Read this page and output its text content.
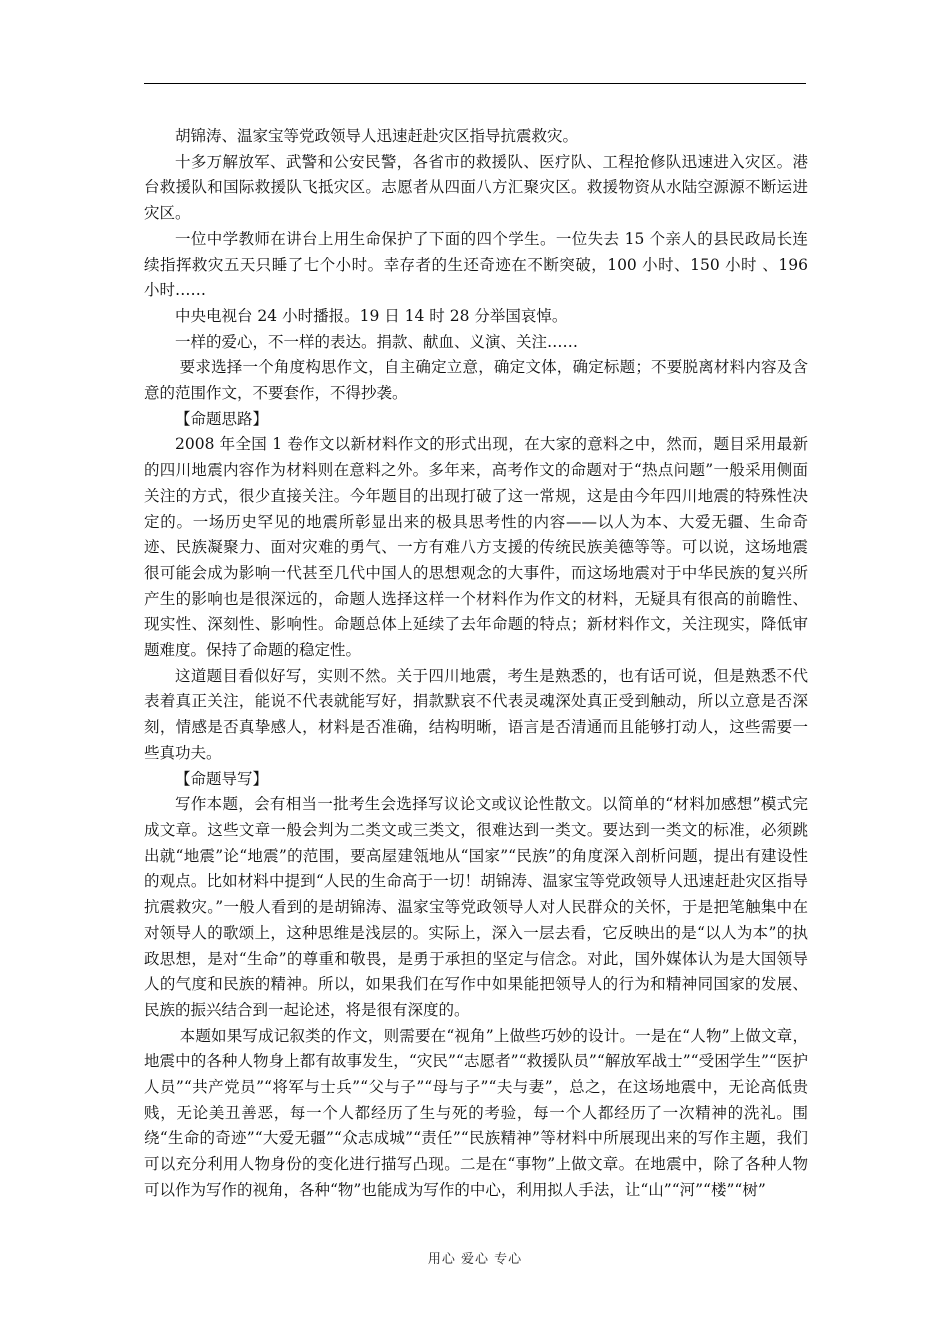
胡锦涛、温家宝等党政领导人迅速赶赴灾区指导抗震救灾。

十多万解放军、武警和公安民警，各省市的救援队、医疗队、工程抢修队迅速进入灾区。港台救援队和国际救援队飞抵灾区。志愿者从四面八方汇聚灾区。救援物资从水陆空源源不断运进灾区。

一位中学教师在讲台上用生命保护了下面的四个学生。一位失去 15 个亲人的县民政局长连续指挥救灾五天只睡了七个小时。幸存者的生还奇迹在不断突破，100 小时、150 小时 、196 小时……

中央电视台 24 小时播报。19 日 14 时 28 分举国哀悼。

一样的爱心，不一样的表达。捐款、献血、义演、关注……

要求选择一个角度构思作文，自主确定立意，确定文体，确定标题；不要脱离材料内容及含意的范围作文，不要套作，不得抄袭。

【命题思路】

2008 年全国 1 卷作文以新材料作文的形式出现，在大家的意料之中，然而，题目采用最新的四川地震内容作为材料则在意料之外。多年来，高考作文的命题对于“热点问题”一般采用侧面关注的方式，很少直接关注。今年题目的出现打破了这一常规，这是由今年四川地震的特殊性决定的。一场历史罕见的地震所彰显出来的极具思考性的内容——以人为本、大爱无疆、生命奇迹、民族凝聚力、面对灾难的勇气、一方有难八方支援的传统民族美德等等。可以说，这场地震很可能会成为影响一代甚至几代中国人的思想观念的大事件，而这场地震对于中华民族的复兴所产生的影响也是很深远的，命题人选择这样一个材料作为作文的材料，无疑具有很高的前瞻性、现实性、深刻性、影响性。命题总体上延续了去年命题的特点；新材料作文，关注现实，降低审题难度。保持了命题的稳定性。

这道题目看似好写，实则不然。关于四川地震，考生是熟悉的，也有话可说，但是熟悉不代表着真正关注，能说不代表就能写好，捐款默哀不代表灵魂深处真正受到触动，所以立意是否深刻，情感是否真挚感人，材料是否准确，结构明晰，语言是否清通而且能够打动人，这些需要一些真功夫。

【命题导写】

写作本题，会有相当一批考生会选择写议论文或议论性散文。以简单的“材料加感想”模式完成文章。这些文章一般会判为二类文或三类文，很难达到一类文。要达到一类文的标准，必须跳出就“地震”论“地震”的范围，要高屋建瓴地从“国家”“民族”的角度深入剖析问题，提出有建设性的观点。比如材料中提到“人民的生命高于一切！胡锦涛、温家宝等党政领导人迅速赶赴灾区指导抗震救灾。”一般人看到的是胡锦涛、温家宝等党政领导人对人民群众的关怀，于是把笔触集中在对领导人的歌颂上，这种思维是浅层的。实际上，深入一层去看，它反映出的是“以人为本”的执政思想，是对“生命”的尊重和敬畏，是勇于承担的坚定与信念。对此，国外媒体认为是大国领导人的气度和民族的精神。所以，如果我们在写作中如果能把领导人的行为和精神同国家的发展、民族的振兴结合到一起论述，将是很有深度的。

本题如果写成记叙类的作文，则需要在“视角”上做些巧妙的设计。一是在“人物”上做文章，地震中的各种人物身上都有故事发生，“灾民”“志愿者”“救援队员”“解放军战士”“受困学生”“医护人员”“共产党员”“将军与士兵”“父与子”“母与子”“夫与妻”，总之，在这场地震中，无论高低贵贱，无论美丑善恶，每一个人都经历了生与死的考验，每一个人都经历了一次精神的洗礼。围绕“生命的奇迹”“大爱无疆”“众志成城”“责任”“民族精神”等材料中所展现出来的写作主题，我们可以充分利用人物身份的变化进行描写凸现。二是在“事物”上做文章。在地震中，除了各种人物可以作为写作的视角，各种“物”也能成为写作的中心，利用拟人手法，让“山”“河”“楼”“树”

用心 爱心 专心
